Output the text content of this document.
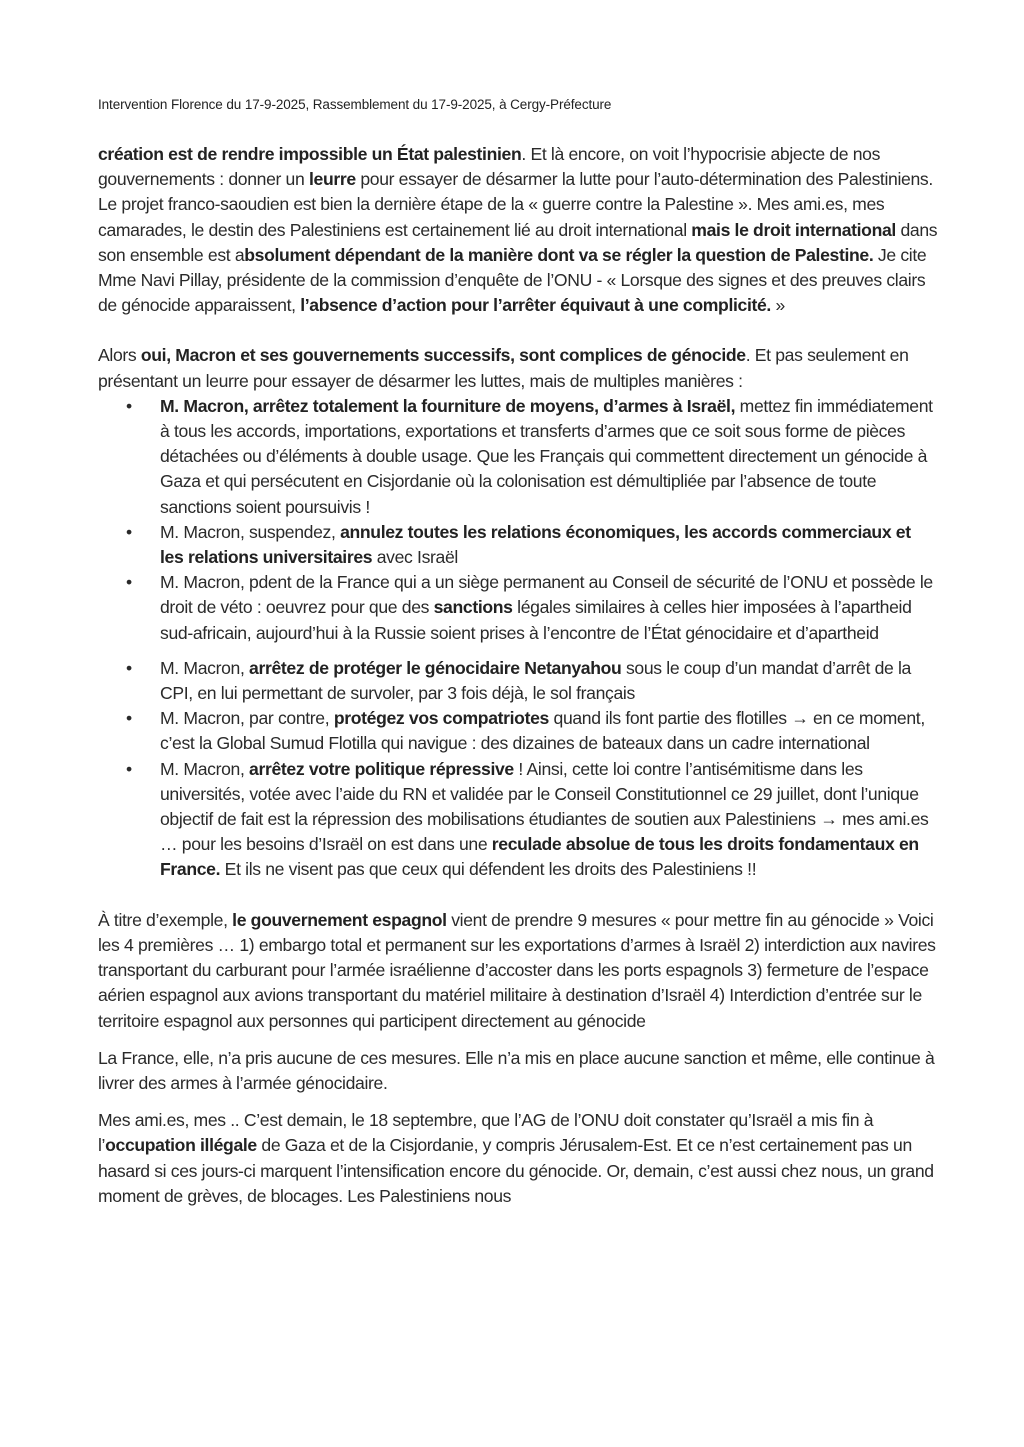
Intervention Florence du 17-9-2025, Rassemblement du 17-9-2025, à Cergy-Préfecture

création est de rendre impossible un État palestinien. Et là encore, on voit l’hypocrisie abjecte de nos gouvernements : donner un leurre pour essayer de désarmer la lutte pour l’auto-détermination des Palestiniens. Le projet franco-saoudien est bien la dernière étape de la « guerre contre la Palestine ». Mes ami.es, mes camarades, le destin des Palestiniens est certainement lié au droit international mais le droit international dans son ensemble est absolument dépendant de la manière dont va se régler la question de Palestine. Je cite Mme Navi Pillay, présidente de la commission d’enquête de l’ONU - « Lorsque des signes et des preuves clairs de génocide apparaissent, l’absence d’action pour l’arrêter équivaut à une complicité. »

Alors oui, Macron et ses gouvernements successifs, sont complices de génocide. Et pas seulement en présentant un leurre pour essayer de désarmer les luttes, mais de multiples manières :

• M. Macron, arrêtez totalement la fourniture de moyens, d’armes à Israël, mettez fin immédiatement à tous les accords, importations, exportations et transferts d’armes que ce soit sous forme de pièces détachées ou d’éléments à double usage. Que les Français qui commettent directement un génocide à Gaza et qui persécutent en Cisjordanie où la colonisation est démultipliée par l’absence de toute sanctions soient poursuivis !
• M. Macron, suspendez, annulez toutes les relations économiques, les accords commerciaux et les relations universitaires avec Israël
• M. Macron, pdent de la France qui a un siège permanent au Conseil de sécurité de l’ONU et possède le droit de véto : oeuvrez pour que des sanctions légales similaires à celles hier imposées à l’apartheid sud-africain, aujourd’hui à la Russie soient prises à l’encontre de l’État génocidaire et d’apartheid
• M. Macron, arrêtez de protéger le génocidaire Netanyahou sous le coup d’un mandat d’arrêt de la CPI, en lui permettant de survoler, par 3 fois déjà, le sol français
• M. Macron, par contre, protégez vos compatriotes quand ils font partie des flotilles → en ce moment, c’est la Global Sumud Flotilla qui navigue : des dizaines de bateaux dans un cadre international
• M. Macron, arrêtez votre politique répressive ! Ainsi, cette loi contre l’antisémitisme dans les universités, votée avec l’aide du RN et validée par le Conseil Constitutionnel ce 29 juillet, dont l’unique objectif de fait est la répression des mobilisations étudiantes de soutien aux Palestiniens → mes ami.es … pour les besoins d’Israël on est dans une reculade absolue de tous les droits fondamentaux en France. Et ils ne visent pas que ceux qui défendent les droits des Palestiniens !!

À titre d’exemple, le gouvernement espagnol vient de prendre 9 mesures « pour mettre fin au génocide » Voici les 4 premières … 1) embargo total et permanent sur les exportations d’armes à Israël 2) interdiction aux navires transportant du carburant pour l’armée israélienne d’accoster dans les ports espagnols 3) fermeture de l’espace aérien espagnol aux avions transportant du matériel militaire à destination d’Israël 4) Interdiction d’entrée sur le territoire espagnol aux personnes qui participent directement au génocide

La France, elle, n’a pris aucune de ces mesures. Elle n’a mis en place aucune sanction et même, elle continue à livrer des armes à l’armée génocidaire.

Mes ami.es, mes .. C’est demain, le 18 septembre, que l’AG de l’ONU doit constater qu’Israël a mis fin à l’occupation illégale de Gaza et de la Cisjordanie, y compris Jérusalem-Est. Et ce n’est certainement pas un hasard si ces jours-ci marquent l’intensification encore du génocide. Or, demain, c’est aussi chez nous, un grand moment de grèves, de blocages. Les Palestiniens nous
